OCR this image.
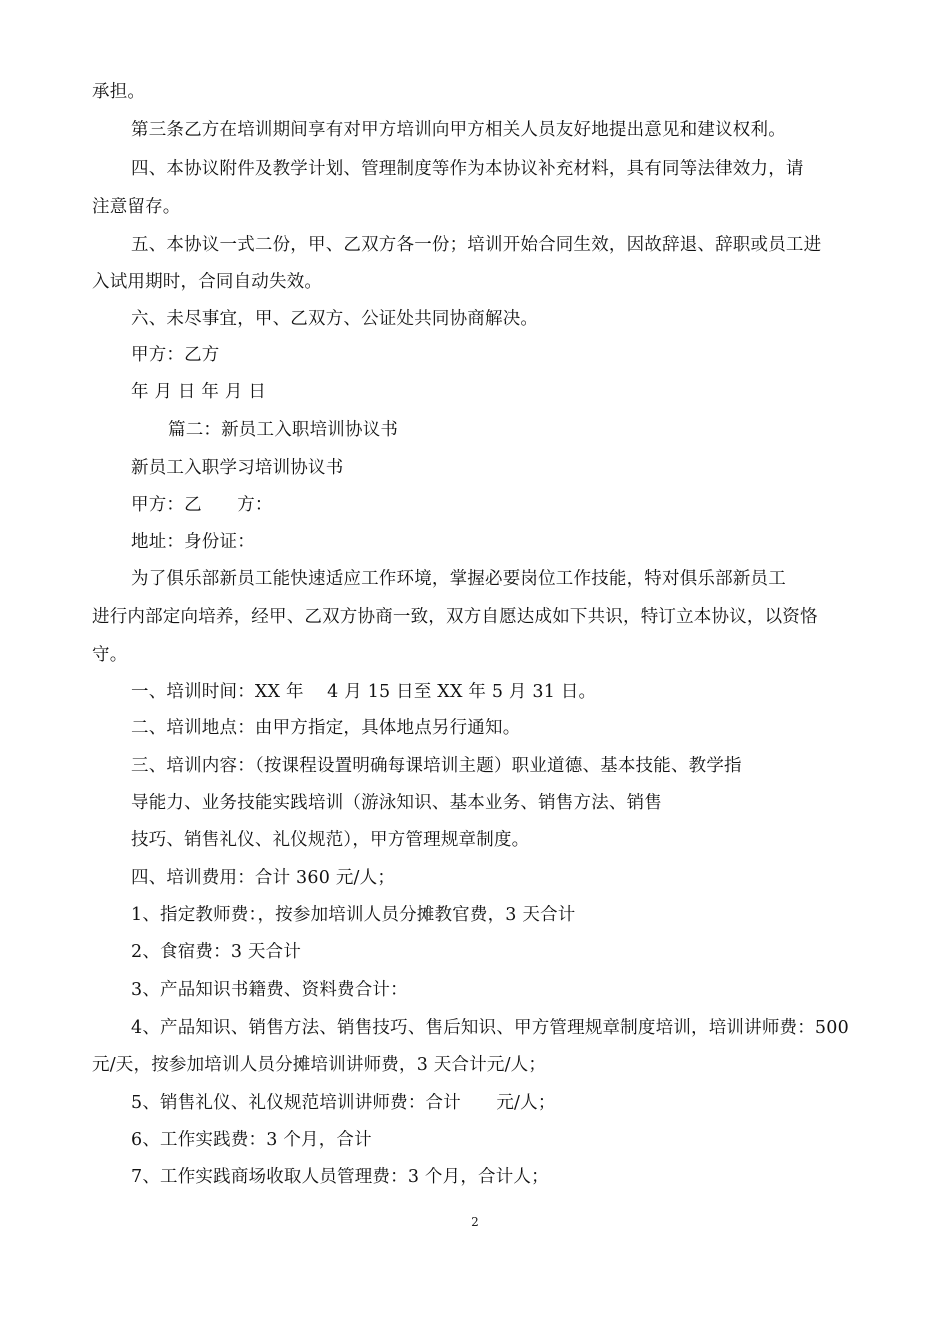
承担。
第三条乙方在培训期间享有对甲方培训向甲方相关人员友好地提出意见和建议权利。
四、本协议附件及教学计划、管理制度等作为本协议补充材料，具有同等法律效力，请
注意留存。
五、本协议一式二份，甲、乙双方各一份；培训开始合同生效，因故辞退、辞职或员工进
入试用期时，合同自动失效。
六、未尽事宜，甲、乙双方、公证处共同协商解决。
甲方：乙方
年 月 日 年 月 日
篇二：新员工入职培训协议书
新员工入职学习培训协议书
甲方：乙　　方：
地址：身份证：
为了俱乐部新员工能快速适应工作环境，掌握必要岗位工作技能，特对俱乐部新员工
进行内部定向培养，经甲、乙双方协商一致，双方自愿达成如下共识，特订立本协议，以资恪
守。
一、培训时间：XX 年　 4 月 15 日至 XX 年 5 月 31 日。
二、培训地点：由甲方指定，具体地点另行通知。
三、培训内容：（按课程设置明确每课培训主题）职业道德、基本技能、教学指
导能力、业务技能实践培训（游泳知识、基本业务、销售方法、销售
技巧、销售礼仪、礼仪规范），甲方管理规章制度。
四、培训费用：合计 360 元/人；
1、指定教师费：，按参加培训人员分摊教官费，3 天合计
2、食宿费：3 天合计
3、产品知识书籍费、资料费合计：
4、产品知识、销售方法、销售技巧、售后知识、甲方管理规章制度培训，培训讲师费：500
元/天，按参加培训人员分摊培训讲师费，3 天合计元/人；
5、销售礼仪、礼仪规范培训讲师费：合计　　元/人；
6、工作实践费：3 个月，合计
7、工作实践商场收取人员管理费：3 个月，合计人；
2
